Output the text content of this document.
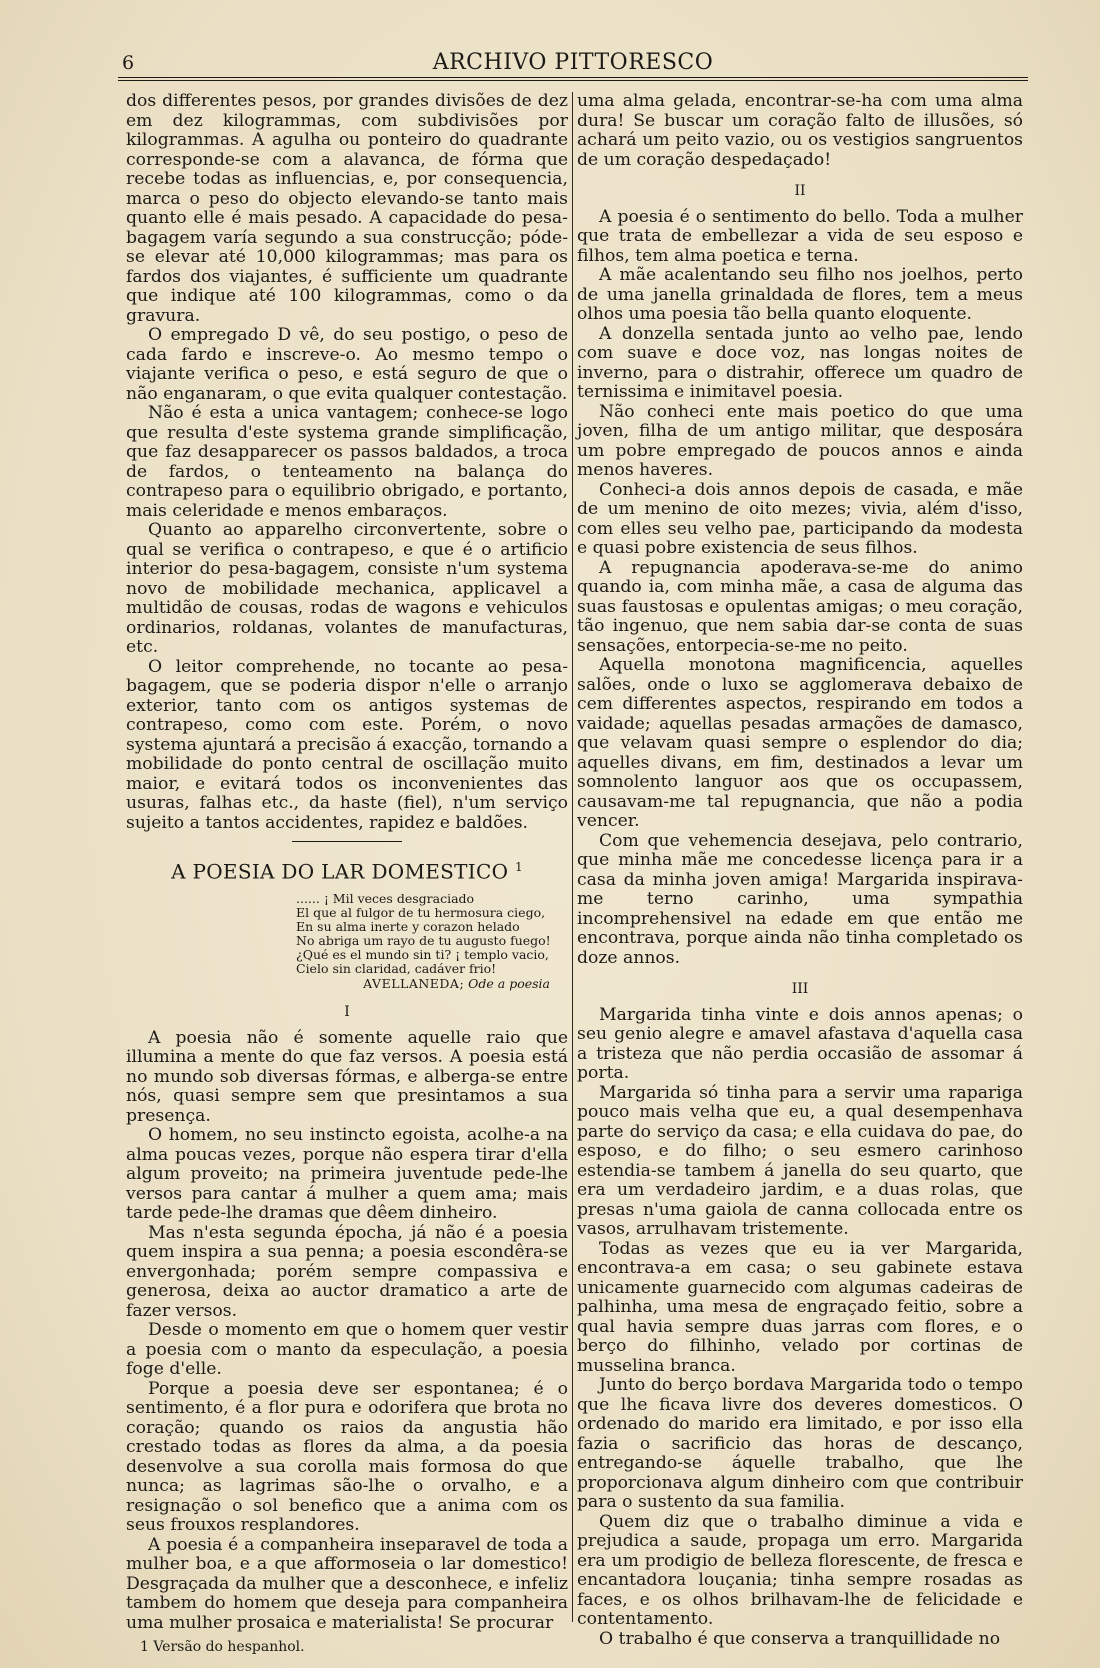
6	ARCHIVO PITTORESCO

dos differentes pesos, por grandes divisões de dez em dez kilogrammas, com subdivisões por kilogrammas. A agulha ou ponteiro do quadrante corresponde-se com a alavanca, de fórma que recebe todas as influencias, e, por consequencia, marca o peso do objecto elevando-se tanto mais quanto elle é mais pesado. A capacidade do pesa-bagagem varía segundo a sua construcção; póde-se elevar até 10,000 kilogrammas; mas para os fardos dos viajantes, é sufficiente um quadrante que indique até 100 kilogrammas, como o da gravura.

O empregado D vê, do seu postigo, o peso de cada fardo e inscreve-o. Ao mesmo tempo o viajante verifica o peso, e está seguro de que o não enganaram, o que evita qualquer contestação.

Não é esta a unica vantagem; conhece-se logo que resulta d'este systema grande simplificação, que faz desapparecer os passos baldados, a troca de fardos, o tenteamento na balança do contrapeso para o equilibrio obrigado, e portanto, mais celeridade e menos embaraços.

Quanto ao apparelho circonvertente, sobre o qual se verifica o contrapeso, e que é o artificio interior do pesa-bagagem, consiste n'um systema novo de mobilidade mechanica, applicavel a multidão de cousas, rodas de wagons e vehiculos ordinarios, roldanas, volantes de manufacturas, etc.

O leitor comprehende, no tocante ao pesa-bagagem, que se poderia dispor n'elle o arranjo exterior, tanto com os antigos systemas de contrapeso, como com este. Porém, o novo systema ajuntará a precisão á exacção, tornando a mobilidade do ponto central de oscillação muito maior, e evitará todos os inconvenientes das usuras, falhas etc., da haste (fiel), n'um serviço sujeito a tantos accidentes, rapidez e baldões.

A POESIA DO LAR DOMESTICO $^1$
...... ¡ Mil veces desgraciado
El que al fulgor de tu hermosura ciego,
En su alma inerte y corazon helado
No abriga um rayo de tu augusto fuego!
¿Qué es el mundo sin ti? ¡ templo vacio,
Cielo sin claridad, cadáver frio!
AVELLANEDA; Ode a poesia
I

A poesia não é somente aquelle raio que illumina a mente do que faz versos. A poesia está no mundo sob diversas fórmas, e alberga-se entre nós, quasi sempre sem que presintamos a sua presença.

O homem, no seu instincto egoista, acolhe-a na alma poucas vezes, porque não espera tirar d'ella algum proveito; na primeira juventude pede-lhe versos para cantar á mulher a quem ama; mais tarde pede-lhe dramas que dêem dinheiro.

Mas n'esta segunda épocha, já não é a poesia quem inspira a sua penna; a poesia escondêra-se envergonhada; porém sempre compassiva e generosa, deixa ao auctor dramatico a arte de fazer versos.

Desde o momento em que o homem quer vestir a poesia com o manto da especulação, a poesia foge d'elle.

Porque a poesia deve ser espontanea; é o sentimento, é a flor pura e odorifera que brota no coração; quando os raios da angustia hão crestado todas as flores da alma, a da poesia desenvolve a sua corolla mais formosa do que nunca; as lagrimas são-lhe o orvalho, e a resignação o sol benefico que a anima com os seus frouxos resplandores.

A poesia é a companheira inseparavel de toda a mulher boa, e a que afformoseia o lar domestico! Desgraçada da mulher que a desconhece, e infeliz tambem do homem que deseja para companheira uma mulher prosaica e materialista! Se procurar

1 Versão do hespanhol.

uma alma gelada, encontrar-se-ha com uma alma dura! Se buscar um coração falto de illusões, só achará um peito vazio, ou os vestigios sangruentos de um coração despedaçado!

II

A poesia é o sentimento do bello. Toda a mulher que trata de embellezar a vida de seu esposo e filhos, tem alma poetica e terna.

A mãe acalentando seu filho nos joelhos, perto de uma janella grinaldada de flores, tem a meus olhos uma poesia tão bella quanto eloquente.

A donzella sentada junto ao velho pae, lendo com suave e doce voz, nas longas noites de inverno, para o distrahir, offerece um quadro de ternissima e inimitavel poesia.

Não conheci ente mais poetico do que uma joven, filha de um antigo militar, que desposára um pobre empregado de poucos annos e ainda menos haveres.

Conheci-a dois annos depois de casada, e mãe de um menino de oito mezes; vivia, além d'isso, com elles seu velho pae, participando da modesta e quasi pobre existencia de seus filhos.

A repugnancia apoderava-se-me do animo quando ia, com minha mãe, a casa de alguma das suas faustosas e opulentas amigas; o meu coração, tão ingenuo, que nem sabia dar-se conta de suas sensações, entorpecia-se-me no peito.

Aquella monotona magnificencia, aquelles salões, onde o luxo se agglomerava debaixo de cem differentes aspectos, respirando em todos a vaidade; aquellas pesadas armações de damasco, que velavam quasi sempre o esplendor do dia; aquelles divans, em fim, destinados a levar um somnolento languor aos que os occupassem, causavam-me tal repugnancia, que não a podia vencer.

Com que vehemencia desejava, pelo contrario, que minha mãe me concedesse licença para ir a casa da minha joven amiga! Margarida inspirava-me terno carinho, uma sympathia incomprehensivel na edade em que então me encontrava, porque ainda não tinha completado os doze annos.

III

Margarida tinha vinte e dois annos apenas; o seu genio alegre e amavel afastava d'aquella casa a tristeza que não perdia occasião de assomar á porta.

Margarida só tinha para a servir uma rapariga pouco mais velha que eu, a qual desempenhava parte do serviço da casa; e ella cuidava do pae, do esposo, e do filho; o seu esmero carinhoso estendia-se tambem á janella do seu quarto, que era um verdadeiro jardim, e a duas rolas, que presas n'uma gaiola de canna collocada entre os vasos, arrulhavam tristemente.

Todas as vezes que eu ia ver Margarida, encontrava-a em casa; o seu gabinete estava unicamente guarnecido com algumas cadeiras de palhinha, uma mesa de engraçado feitio, sobre a qual havia sempre duas jarras com flores, e o berço do filhinho, velado por cortinas de musselina branca.

Junto do berço bordava Margarida todo o tempo que lhe ficava livre dos deveres domesticos. O ordenado do marido era limitado, e por isso ella fazia o sacrificio das horas de descanço, entregando-se áquelle trabalho, que lhe proporcionava algum dinheiro com que contribuir para o sustento da sua familia.

Quem diz que o trabalho diminue a vida e prejudica a saude, propaga um erro. Margarida era um prodigio de belleza florescente, de fresca e encantadora louçania; tinha sempre rosadas as faces, e os olhos brilhavam-lhe de felicidade e contentamento.

O trabalho é que conserva a tranquillidade no
